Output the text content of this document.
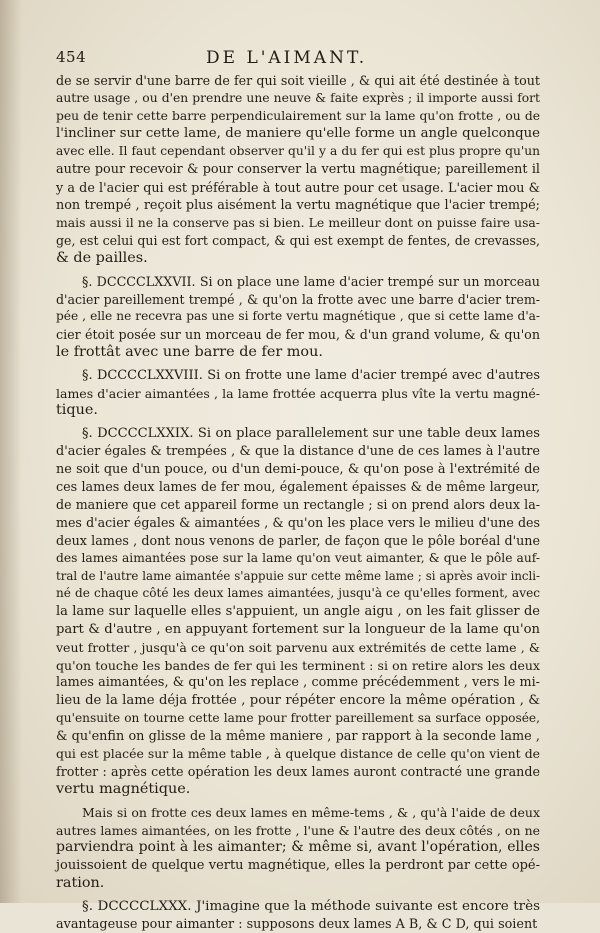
454	DE L'AIMANT.
de se servir d'une barre de fer qui soit vieille , & qui ait été destinée à tout
autre usage , ou d'en prendre une neuve & faite exprès ; il importe aussi fort
peu de tenir cette barre perpendiculairement sur la lame qu'on frotte , ou de
l'incliner sur cette lame, de maniere qu'elle forme un angle quelconque
avec elle. Il faut cependant observer qu'il y a du fer qui est plus propre qu'un
autre pour recevoir & pour conserver la vertu magnétique; pareillement il
y a de l'acier qui est préférable à tout autre pour cet usage. L'acier mou &
non trempé , reçoit plus aisément la vertu magnétique que l'acier trempé;
mais aussi il ne la conserve pas si bien. Le meilleur dont on puisse faire usa-
ge, est celui qui est fort compact, & qui est exempt de fentes, de crevasses,
& de pailles.
§. DCCCCLXXVII. Si on place une lame d'acier trempé sur un morceau
d'acier pareillement trempé , & qu'on la frotte avec une barre d'acier trem-
pée , elle ne recevra pas une si forte vertu magnétique , que si cette lame d'a-
cier étoit posée sur un morceau de fer mou, & d'un grand volume, & qu'on
le frottât avec une barre de fer mou.
§. DCCCCLXXVIII. Si on frotte une lame d'acier trempé avec d'autres
lames d'acier aimantées , la lame frottée acquerra plus vîte la vertu magné-
tique.
§. DCCCCLXXIX. Si on place parallelement sur une table deux lames
d'acier égales & trempées , & que la distance d'une de ces lames à l'autre
ne soit que d'un pouce, ou d'un demi-pouce, & qu'on pose à l'extrémité de
ces lames deux lames de fer mou, également épaisses & de même largeur,
de maniere que cet appareil forme un rectangle ; si on prend alors deux la-
mes d'acier égales & aimantées , & qu'on les place vers le milieu d'une des
deux lames , dont nous venons de parler, de façon que le pôle boréal d'une
des lames aimantées pose sur la lame qu'on veut aimanter, & que le pôle auf-
tral de l'autre lame aimantée s'appuie sur cette même lame ; si après avoir incli-
né de chaque côté les deux lames aimantées, jusqu'à ce qu'elles forment, avec
la lame sur laquelle elles s'appuient, un angle aigu , on les fait glisser de
part & d'autre , en appuyant fortement sur la longueur de la lame qu'on
veut frotter , jusqu'à ce qu'on soit parvenu aux extrémités de cette lame , &
qu'on touche les bandes de fer qui les terminent : si on retire alors les deux
lames aimantées, & qu'on les replace , comme précédemment , vers le mi-
lieu de la lame déja frottée , pour répéter encore la même opération , &
qu'ensuite on tourne cette lame pour frotter pareillement sa surface opposée,
& qu'enfin on glisse de la même maniere , par rapport à la seconde lame ,
qui est placée sur la même table , à quelque distance de celle qu'on vient de
frotter : après cette opération les deux lames auront contracté une grande
vertu magnétique.
Mais si on frotte ces deux lames en même-tems , & , qu'à l'aide de deux
autres lames aimantées, on les frotte , l'une & l'autre des deux côtés , on ne
parviendra point à les aimanter; & même si, avant l'opération, elles
jouissoient de quelque vertu magnétique, elles la perdront par cette opé-
ration.
§. DCCCCLXXX. J'imagine que la méthode suivante est encore très
avantageuse pour aimanter : supposons deux lames A B, & C D, qui soient
